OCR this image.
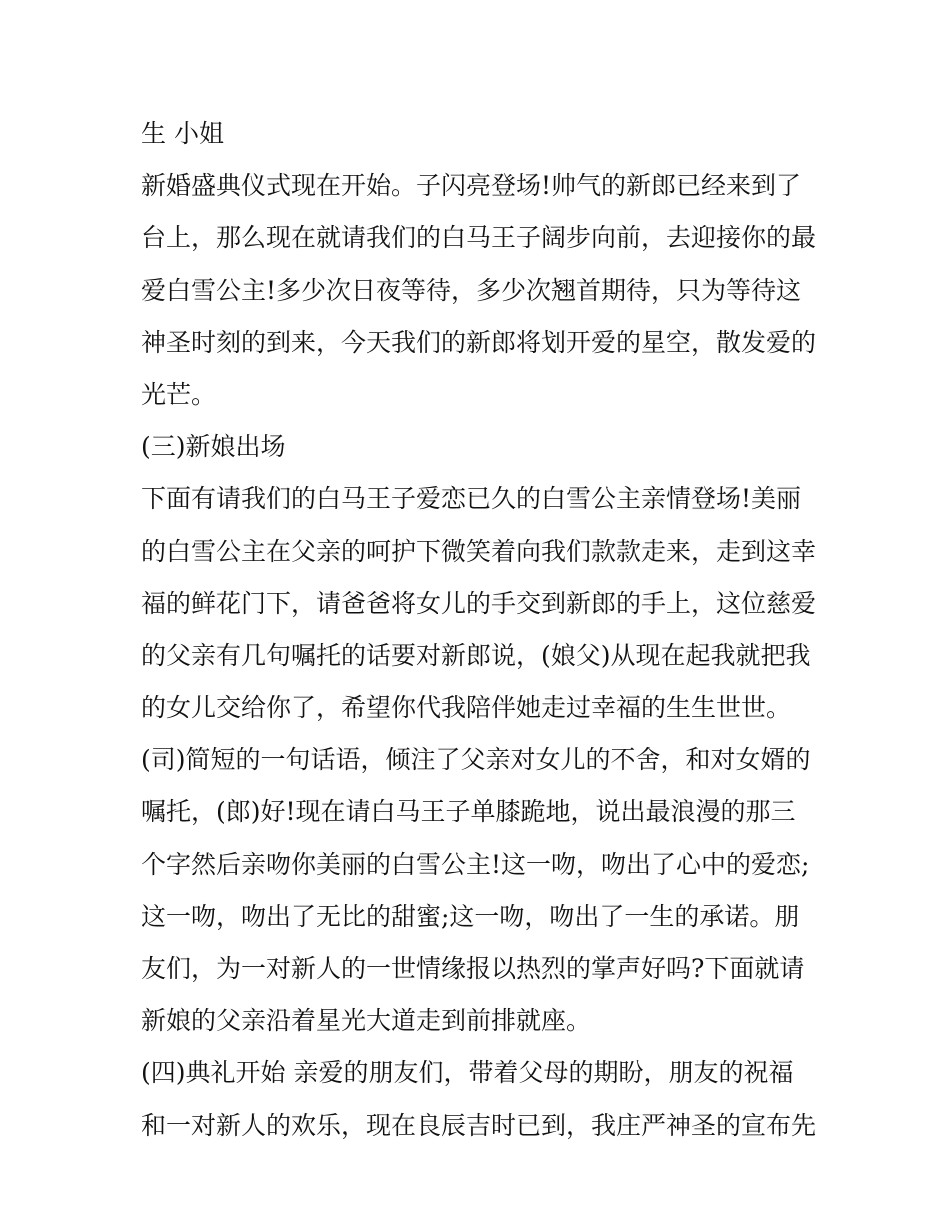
生 小姐
新婚盛典仪式现在开始。子闪亮登场!帅气的新郎已经来到了
台上，那么现在就请我们的白马王子阔步向前，去迎接你的最
爱白雪公主!多少次日夜等待，多少次翘首期待，只为等待这
神圣时刻的到来，今天我们的新郎将划开爱的星空，散发爱的
光芒。
(三)新娘出场
下面有请我们的白马王子爱恋已久的白雪公主亲情登场!美丽
的白雪公主在父亲的呵护下微笑着向我们款款走来，走到这幸
福的鲜花门下，请爸爸将女儿的手交到新郎的手上，这位慈爱
的父亲有几句嘱托的话要对新郎说，(娘父)从现在起我就把我
的女儿交给你了，希望你代我陪伴她走过幸福的生生世世。
(司)简短的一句话语，倾注了父亲对女儿的不舍，和对女婿的
嘱托，(郎)好!现在请白马王子单膝跪地，说出最浪漫的那三
个字然后亲吻你美丽的白雪公主!这一吻，吻出了心中的爱恋;
这一吻，吻出了无比的甜蜜;这一吻，吻出了一生的承诺。朋
友们，为一对新人的一世情缘报以热烈的掌声好吗?下面就请
新娘的父亲沿着星光大道走到前排就座。
(四)典礼开始 亲爱的朋友们，带着父母的期盼，朋友的祝福
和一对新人的欢乐，现在良辰吉时已到，我庄严神圣的宣布先
